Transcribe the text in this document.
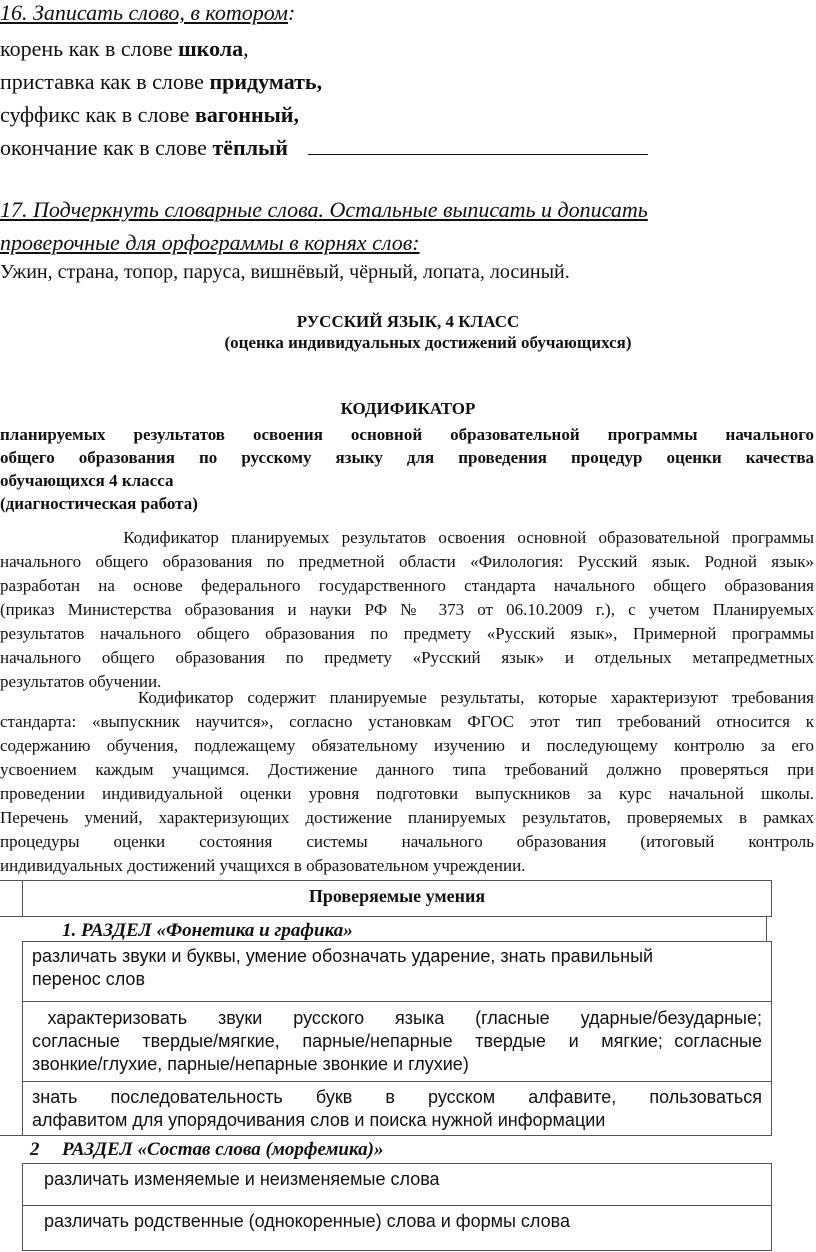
16. Записать слово, в котором:
корень как в слове школа,
приставка как в слове придумать,
суффикс как в слове вагонный,
окончание как в слове тёплый
17. Подчеркнуть словарные слова. Остальные выписать и дописать
проверочные для орфограммы в корнях слов:
Ужин, страна, топор, паруса, вишнёвый, чёрный, лопата, лосиный.
РУССКИЙ ЯЗЫК, 4 КЛАСС
(оценка индивидуальных достижений обучающихся)
КОДИФИКАТОР
планируемых результатов освоения основной образовательной программы начального
общего образования по русскому языку для проведения процедур оценки качества
обучающихся 4 класса
(диагностическая работа)
Кодификатор планируемых результатов освоения основной образовательной программы
начального общего образования по предметной области «Филология: Русский язык. Родной язык»
разработан на основе федерального государственного стандарта начального общего образования
(приказ Министерства образования и науки РФ № 373 от 06.10.2009 г.), с учетом Планируемых
результатов начального общего образования по предмету «Русский язык», Примерной программы
начального общего образования по предмету «Русский язык» и отдельных метапредметных
результатов обучении.
Кодификатор содержит планируемые результаты, которые характеризуют требования
стандарта: «выпускник научится», согласно установкам ФГОС этот тип требований относится к
содержанию обучения, подлежащему обязательному изучению и последующему контролю за его
усвоением каждым учащимся. Достижение данного типа требований должно проверяться при
проведении индивидуальной оценки уровня подготовки выпускников за курс начальной школы.
Перечень умений, характеризующих достижение планируемых результатов, проверяемых в рамках
процедуры оценки состояния системы начального образования (итоговый контроль
индивидуальных достижений учащихся в образовательном учреждении.
Проверяемые умения
1. РАЗДЕЛ «Фонетика и графика»
различать звуки и буквы, умение обозначать ударение, знать правильный
перенос слов
характеризовать  звуки  русского  языка  (гласные  ударные/безударные;
согласные  твердые/мягкие,  парные/непарные  твердые  и  мягкие; согласные
звонкие/глухие, парные/непарные звонкие и глухие)
знать  последовательность  букв  в  русском  алфавите,  пользоваться
алфавитом для упорядочивания слов и поиска нужной информации
2 РАЗДЕЛ «Состав слова (морфемика)»
различать изменяемые и неизменяемые слова
различать родственные (однокоренные) слова и формы слова
